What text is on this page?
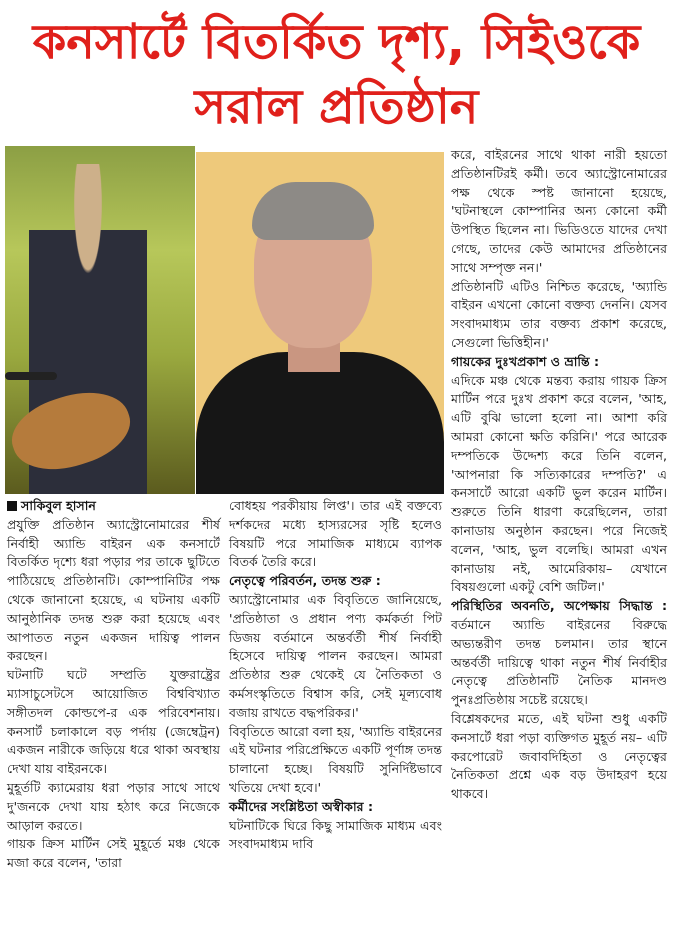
কনসার্টে বিতর্কিত দৃশ্য, সিইওকে
সরাল প্রতিষ্ঠান

সাকিবুল হাসান

প্রযুক্তি প্রতিষ্ঠান অ্যাস্ট্রোনোমারের শীর্ষ নির্বাহী অ্যান্ডি বাইরন এক কনসার্টে বিতর্কিত দৃশ্যে ধরা পড়ার পর তাকে ছুটিতে পাঠিয়েছে প্রতিষ্ঠানটি। কোম্পানিটির পক্ষ থেকে জানানো হয়েছে, এ ঘটনায় একটি আনুষ্ঠানিক তদন্ত শুরু করা হয়েছে এবং আপাতত নতুন একজন দায়িত্ব পালন করছেন।

ঘটনাটি ঘটে সম্প্রতি যুক্তরাষ্ট্রের ম্যাসাচুসেটসে আয়োজিত বিশ্ববিখ্যাত সঙ্গীতদল কোল্ডপে-র এক পরিবেশনায়। কনসার্ট চলাকালে বড় পর্দায় (জেম্বেট্রন) একজন নারীকে জড়িয়ে ধরে থাকা অবস্থায় দেখা যায় বাইরনকে।

মুহূর্তটি ক্যামেরায় ধরা পড়ার সাথে সাথে দু'জনকে দেখা যায় হঠাৎ করে নিজেকে আড়াল করতে।

গায়ক ক্রিস মার্টিন সেই মুহূর্তে মঞ্চ থেকে মজা করে বলেন, 'তারা

বোধহয় পরকীয়ায় লিপ্ত'। তার এই বক্তব্যে দর্শকদের মধ্যে হাস্যরসের সৃষ্টি হলেও বিষয়টি পরে সামাজিক মাধ্যমে ব্যাপক বিতর্ক তৈরি করে।

নেতৃত্বে পরিবর্তন, তদন্ত শুরু :

অ্যাস্ট্রোনোমার এক বিবৃতিতে জানিয়েছে, 'প্রতিষ্ঠাতা ও প্রধান পণ্য কর্মকর্তা পিট ডিজয় বর্তমানে অন্তর্বর্তী শীর্ষ নির্বাহী হিসেবে দায়িত্ব পালন করছেন। আমরা প্রতিষ্ঠার শুরু থেকেই যে নৈতিকতা ও কর্মসংস্কৃতিতে বিশ্বাস করি, সেই মূল্যবোধ বজায় রাখতে বদ্ধপরিকর।'

বিবৃতিতে আরো বলা হয়, 'অ্যান্ডি বাইরনের এই ঘটনার পরিপ্রেক্ষিতে একটি পূর্ণাঙ্গ তদন্ত চালানো হচ্ছে। বিষয়টি সুনির্দিষ্টভাবে খতিয়ে দেখা হবে।'

কর্মীদের সংশ্লিষ্টতা অস্বীকার :

ঘটনাটিকে ঘিরে কিছু সামাজিক মাধ্যম এবং সংবাদমাধ্যম দাবি

করে, বাইরনের সাথে থাকা নারী হয়তো প্রতিষ্ঠানটিরই কর্মী। তবে অ্যাস্ট্রোনোমারের পক্ষ থেকে স্পষ্ট জানানো হয়েছে, 'ঘটনাস্থলে কোম্পানির অন্য কোনো কর্মী উপস্থিত ছিলেন না। ভিডিওতে যাদের দেখা গেছে, তাদের কেউ আমাদের প্রতিষ্ঠানের সাথে সম্পৃক্ত নন।'

প্রতিষ্ঠানটি এটিও নিশ্চিত করেছে, 'অ্যান্ডি বাইরন এখনো কোনো বক্তব্য দেননি। যেসব সংবাদমাধ্যম তার বক্তব্য প্রকাশ করেছে, সেগুলো ভিত্তিহীন।'

গায়কের দুঃখপ্রকাশ ও ভ্রান্তি :

এদিকে মঞ্চ থেকে মন্তব্য করায় গায়ক ক্রিস মার্টিন পরে দুঃখ প্রকাশ করে বলেন, 'আহ, এটি বুঝি ভালো হলো না। আশা করি আমরা কোনো ক্ষতি করিনি।' পরে আরেক দম্পতিকে উদ্দেশ্য করে তিনি বলেন, 'আপনারা কি সত্যিকারের দম্পতি?' এ কনসার্টে আরো একটি ভুল করেন মার্টিন। শুরুতে তিনি ধারণা করেছিলেন, তারা কানাডায় অনুষ্ঠান করছেন। পরে নিজেই বলেন, 'আহ, ভুল বলেছি। আমরা এখন কানাডায় নই, আমেরিকায়– যেখানে বিষয়গুলো একটু বেশি জটিল।'

পরিস্থিতির অবনতি, অপেক্ষায় সিদ্ধান্ত : বর্তমানে অ্যান্ডি বাইরনের বিরুদ্ধে অভ্যন্তরীণ তদন্ত চলমান। তার স্থানে অন্তর্বর্তী দায়িত্বে থাকা নতুন শীর্ষ নির্বাহীর নেতৃত্বে প্রতিষ্ঠানটি নৈতিক মানদণ্ড পুনঃপ্রতিষ্ঠায় সচেষ্ট রয়েছে।

বিশ্লেষকদের মতে, এই ঘটনা শুধু একটি কনসার্টে ধরা পড়া ব্যক্তিগত মুহূর্ত নয়– এটি করপোরেট জবাবদিহিতা ও নেতৃত্বের নৈতিকতা প্রশ্নে এক বড় উদাহরণ হয়ে থাকবে।
